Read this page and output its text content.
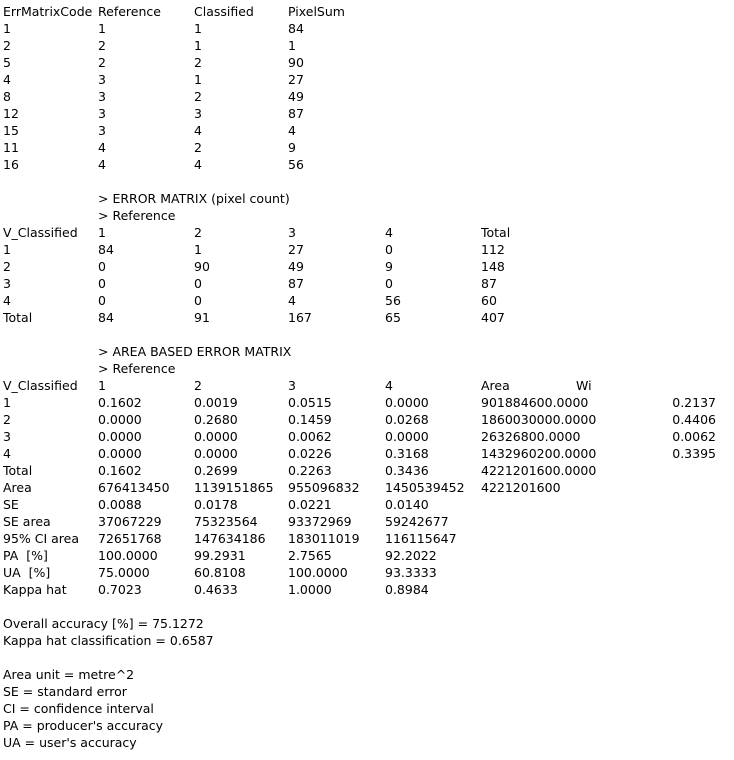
ErrMatrixCode Reference	Classified	PixelSum
1	1	1	84
2	2	1	1
5	2	2	90
4	3	1	27
8	3	2	49
12	3	3	87
15	3	4	4
11	4	2	9
16	4	4	56
> ERROR MATRIX (pixel count)
> Reference
V_Classified 1	2	3	4	Total
1	84	1	27	0	112
2	0	90	49	9	148
3	0	0	87	0	87
4	0	0	4	56	60
Total	84	91	167	65	407
> AREA BASED ERROR MATRIX
> Reference
V_Classified 1	2	3	4	Area	Wi
1	0.1602	0.0019	0.0515	0.0000	901884600.0000	0.2137
2	0.0000	0.2680	0.1459	0.0268	1860030000.0000	0.4406
3	0.0000	0.0000	0.0062	0.0000	26326800.0000	0.0062
4	0.0000	0.0000	0.0226	0.3168	1432960200.0000	0.3395
Total	0.1602	0.2699	0.2263	0.3436	4221201600.0000
Area	676413450 1139151865 955096832 1450539452 4221201600
SE	0.0088	0.0178	0.0221	0.0140
SE area	37067229	75323564 93372969	59242677
95% CI area 72651768	147634186 183011019 116115647
PA  [%]	100.0000	99.2931	2.7565	92.2022
UA  [%]	75.0000	60.8108	100.0000	93.3333
Kappa hat	0.7023	0.4633	1.0000	0.8984
Overall accuracy [%] = 75.1272
Kappa hat classification = 0.6587
Area unit = metre^2
SE = standard error
CI = confidence interval
PA = producer's accuracy
UA = user's accuracy
